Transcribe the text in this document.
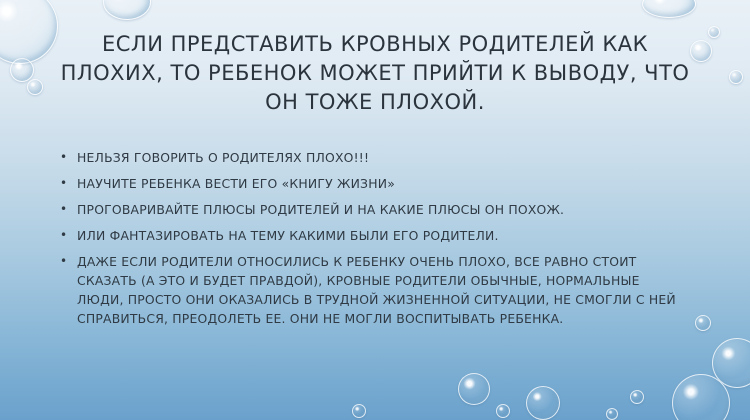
ЕСЛИ ПРЕДСТАВИТЬ КРОВНЫХ РОДИТЕЛЕЙ КАК ПЛОХИХ, ТО РЕБЕНОК МОЖЕТ ПРИЙТИ К ВЫВОДУ, ЧТО ОН ТОЖЕ ПЛОХОЙ.
• НЕЛЬЗЯ ГОВОРИТЬ О РОДИТЕЛЯХ ПЛОХО!!!
• НАУЧИТЕ РЕБЕНКА ВЕСТИ ЕГО «КНИГУ ЖИЗНИ»
• ПРОГОВАРИВАЙТЕ ПЛЮСЫ РОДИТЕЛЕЙ И НА КАКИЕ ПЛЮСЫ ОН ПОХОЖ.
• ИЛИ ФАНТАЗИРОВАТЬ НА ТЕМУ КАКИМИ БЫЛИ ЕГО РОДИТЕЛИ.
• ДАЖЕ ЕСЛИ РОДИТЕЛИ ОТНОСИЛИСЬ К РЕБЕНКУ ОЧЕНЬ ПЛОХО, ВСЕ РАВНО СТОИТ СКАЗАТЬ (А ЭТО И БУДЕТ ПРАВДОЙ), КРОВНЫЕ РОДИТЕЛИ ОБЫЧНЫЕ, НОРМАЛЬНЫЕ ЛЮДИ, ПРОСТО ОНИ ОКАЗАЛИСЬ В ТРУДНОЙ ЖИЗНЕННОЙ СИТУАЦИИ, НЕ СМОГЛИ С НЕЙ СПРАВИТЬСЯ, ПРЕОДОЛЕТЬ ЕЕ. ОНИ НЕ МОГЛИ ВОСПИТЫВАТЬ РЕБЕНКА.
